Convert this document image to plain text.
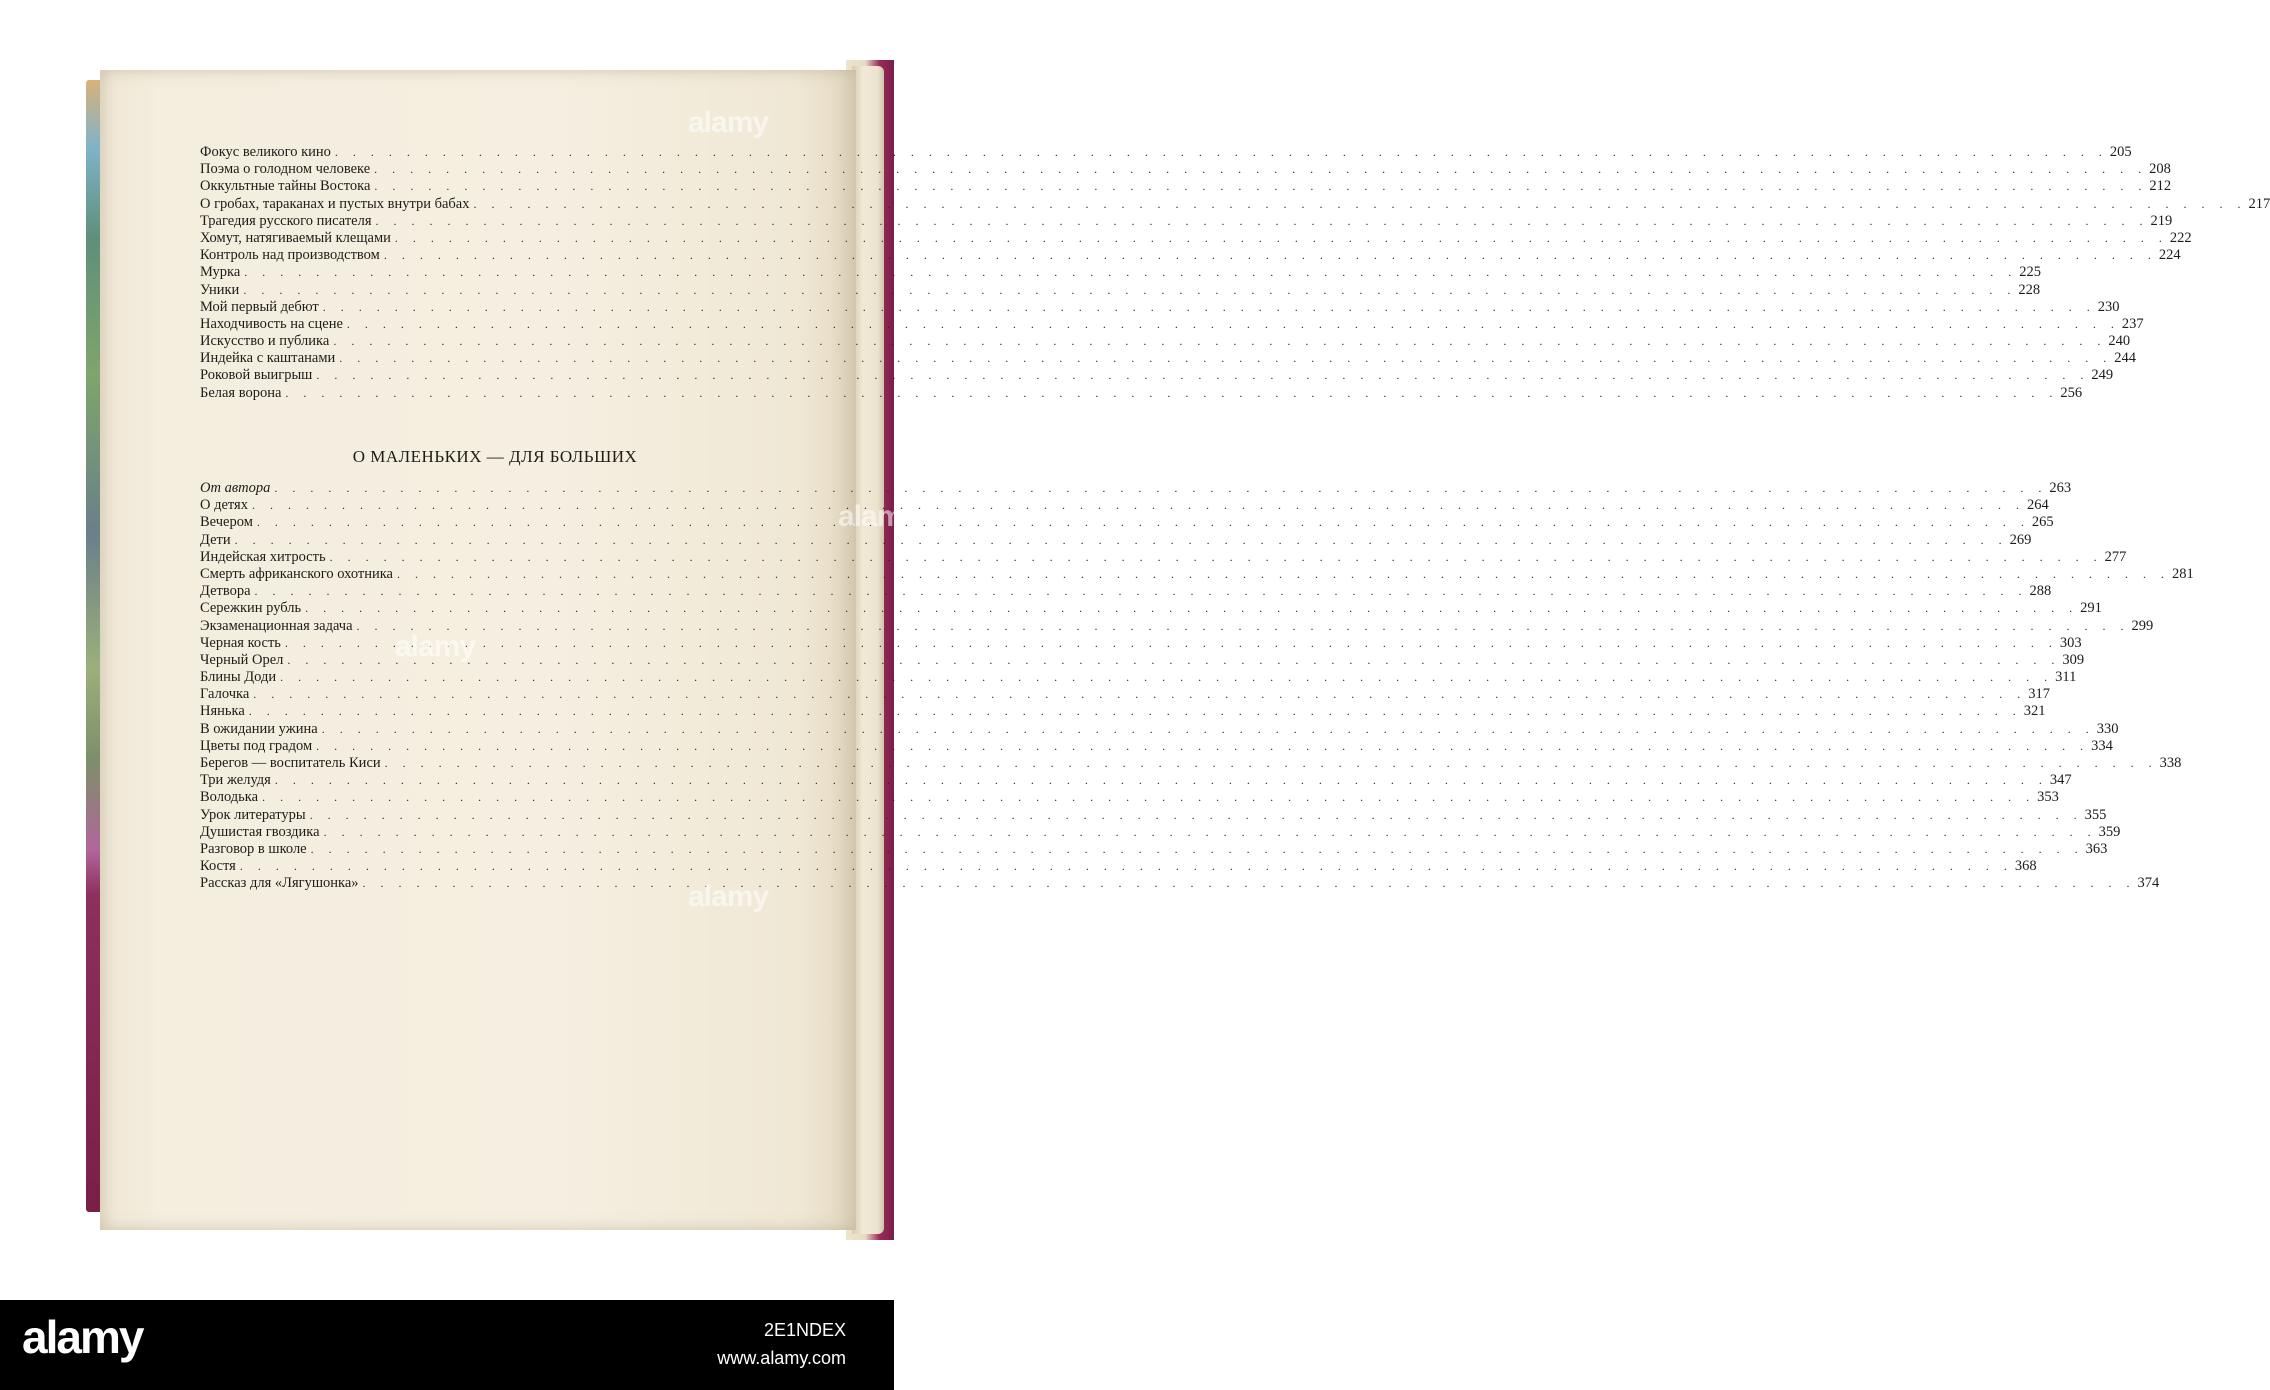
Фокус великого кино . . .	205
Поэма о голодном человеке . . .	208
Оккультные тайны Востока . . .	212
О гробах, тараканах и пустых внутри бабах . . .	217
Трагедия русского писателя . . .	219
Хомут, натягиваемый клещами . . .	222
Контроль над производством . . .	224
Мурка . . .	225
Уники . . .	228
Мой первый дебют . . .	230
Находчивость на сцене . . .	237
Искусство и публика . . .	240
Индейка с каштанами . . .	244
Роковой выигрыш . . .	249
Белая ворона . . .	256
О МАЛЕНЬКИХ — ДЛЯ БОЛЬШИХ
От автора . . .	263
О детях . . .	264
Вечером . . .	265
Дети . . .	269
Индейская хитрость . . .	277
Смерть африканского охотника . . .	281
Детвора . . .	288
Сережкин рубль . . .	291
Экзаменационная задача . . .	299
Черная кость . . .	303
Черный Орел . . .	309
Блины Доди . . .	311
Галочка . . .	317
Нянька . . .	321
В ожидании ужина . . .	330
Цветы под градом . . .	334
Берегов — воспитатель Киси . . .	338
Три желудя . . .	347
Володька . . .	353
Урок литературы . . .	355
Душистая гвоздика . . .	359
Разговор в школе . . .	363
Костя . . .	368
Рассказ для «Лягушонка» . . .	374
alamy
alamy
alamy
alamy
alamy	2E1NDEX
www.alamy.com
